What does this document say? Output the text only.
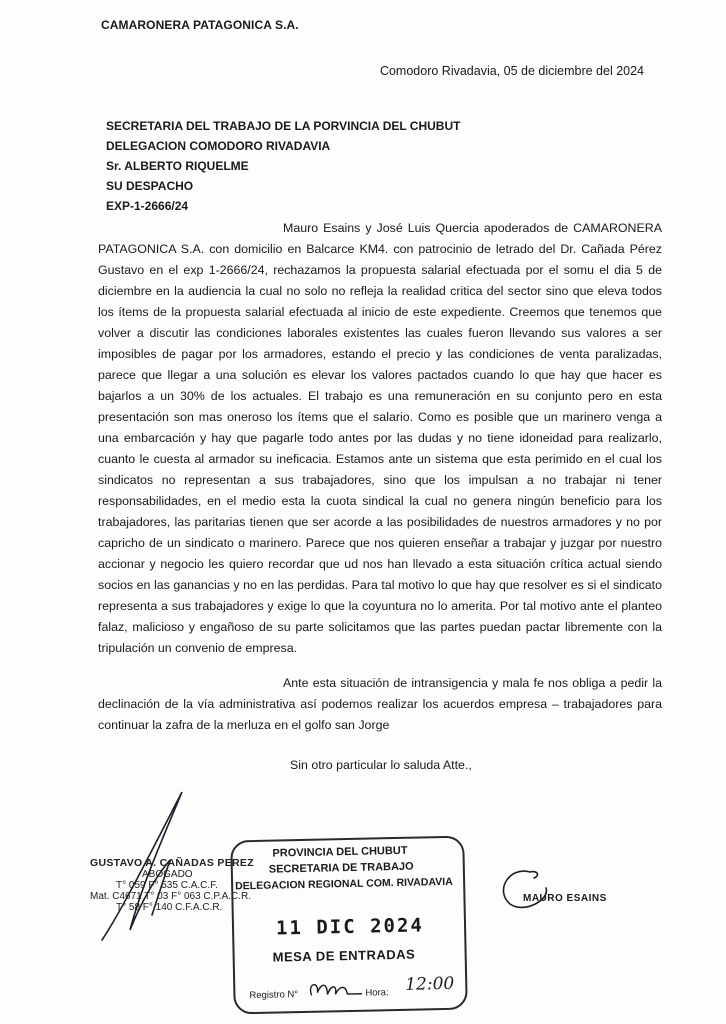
CAMARONERA PATAGONICA S.A.
Comodoro Rivadavia, 05 de diciembre del 2024
SECRETARIA DEL TRABAJO DE LA PORVINCIA DEL CHUBUT
DELEGACION COMODORO RIVADAVIA
Sr. ALBERTO RIQUELME
SU DESPACHO
EXP-1-2666/24

Mauro Esains y José Luis Quercia apoderados de CAMARONERA PATAGONICA S.A. con domicilio en Balcarce KM4. con patrocinio de letrado del Dr. Cañada Pérez Gustavo en el exp 1-2666/24, rechazamos la propuesta salarial efectuada por el somu el dia 5 de diciembre en la audiencia la cual no solo no refleja la realidad critica del sector sino que eleva todos los ítems de la propuesta salarial efectuada al inicio de este expediente. Creemos que tenemos que volver a discutir las condiciones laborales existentes las cuales fueron llevando sus valores a ser imposibles de pagar por los armadores, estando el precio y las condiciones de venta paralizadas, parece que llegar a una solución es elevar los valores pactados cuando lo que hay que hacer es bajarlos a un 30% de los actuales. El trabajo es una remuneración en su conjunto pero en esta presentación son mas oneroso los ítems que el salario. Como es posible que un marinero venga a una embarcación y hay que pagarle todo antes por las dudas y no tiene idoneidad para realizarlo, cuanto le cuesta al armador su ineficacia. Estamos ante un sistema que esta perimido en el cual los sindicatos no representan a sus trabajadores, sino que los impulsan a no trabajar ni tener responsabilidades, en el medio esta la cuota sindical la cual no genera ningún beneficio para los trabajadores, las paritarias tienen que ser acorde a las posibilidades de nuestros armadores y no por capricho de un sindicato o marinero. Parece que nos quieren enseñar a trabajar y juzgar por nuestro accionar y negocio les quiero recordar que ud nos han llevado a esta situación crítica actual siendo socios en las ganancias y no en las perdidas. Para tal motivo lo que hay que resolver es si el sindicato representa a sus trabajadores y exige lo que la coyuntura no lo amerita. Por tal motivo ante el planteo falaz, malicioso y engañoso de su parte solicitamos que las partes puedan pactar libremente con la tripulación un convenio de empresa.

Ante esta situación de intransigencia y mala fe nos obliga a pedir la declinación de la vía administrativa así podemos realizar los acuerdos empresa – trabajadores para continuar la zafra de la merluza en el golfo san Jorge

Sin otro particular lo saluda Atte.,
GUSTAVO A. CAÑADAS PEREZ
ABOGADO
T° 059 F° 535 C.A.C.F.
Mat. C4671 T° 03 F° 063 C.P.A.C.R.
T° 58 F° 140 C.F.A.C.R.
PROVINCIA DEL CHUBUT
SECRETARIA DE TRABAJO
DELEGACION REGIONAL COM. RIVADAVIA
11 DIC 2024
MESA DE ENTRADAS
Registro N°	Hora: 12:00
MAURO ESAINS
